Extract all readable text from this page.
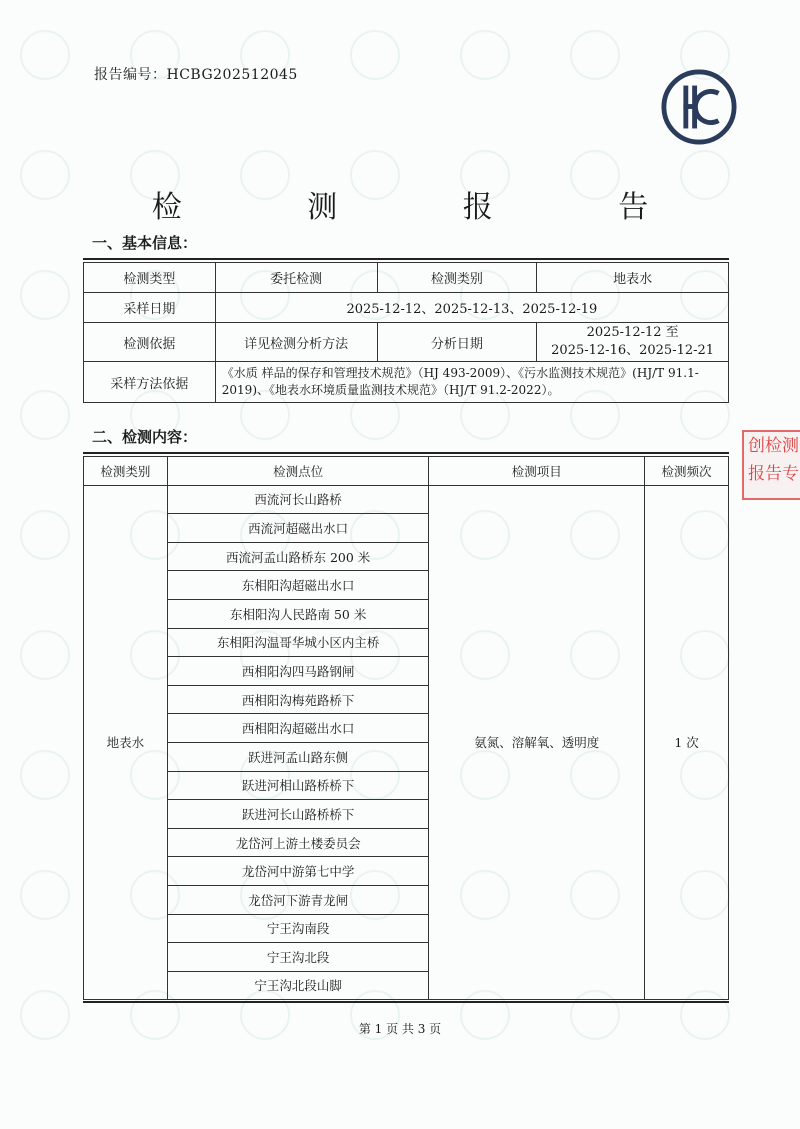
报告编号：HCBG202512045
检 测 报 告
一、基本信息：
检测类型	委托检测	检测类别	地表水
采样日期	2025-12-12、2025-12-13、2025-12-19		
检测依据	详见检测分析方法	分析日期	2025-12-12 至
2025-12-16、2025-12-21

采样方法依据	《水质 样品的保存和管理技术规范》（HJ 493-2009）、《污水监测技术规范》(HJ/T 91.1-2019)、《地表水环境质量监测技术规范》（HJ/T 91.2-2022）。		
二、检测内容：
检测类别	检测点位	检测项目	检测频次
地表水	西流河长山路桥	氨氮、溶解氧、透明度	1 次
	西流河超磁出水口		
	西流河孟山路桥东 200 米		
	东相阳沟超磁出水口		
	东相阳沟人民路南 50 米		
	东相阳沟温哥华城小区内主桥		
	西相阳沟四马路钢闸		
	西相阳沟梅苑路桥下		
	西相阳沟超磁出水口		
	跃进河孟山路东侧		
	跃进河相山路桥桥下		
	跃进河长山路桥桥下		
	龙岱河上游土楼委员会		
	龙岱河中游第七中学		
	龙岱河下游青龙闸		
	宁王沟南段		
	宁王沟北段		
	宁王沟北段山脚		
创检测
报告专
第 1 页 共 3 页
